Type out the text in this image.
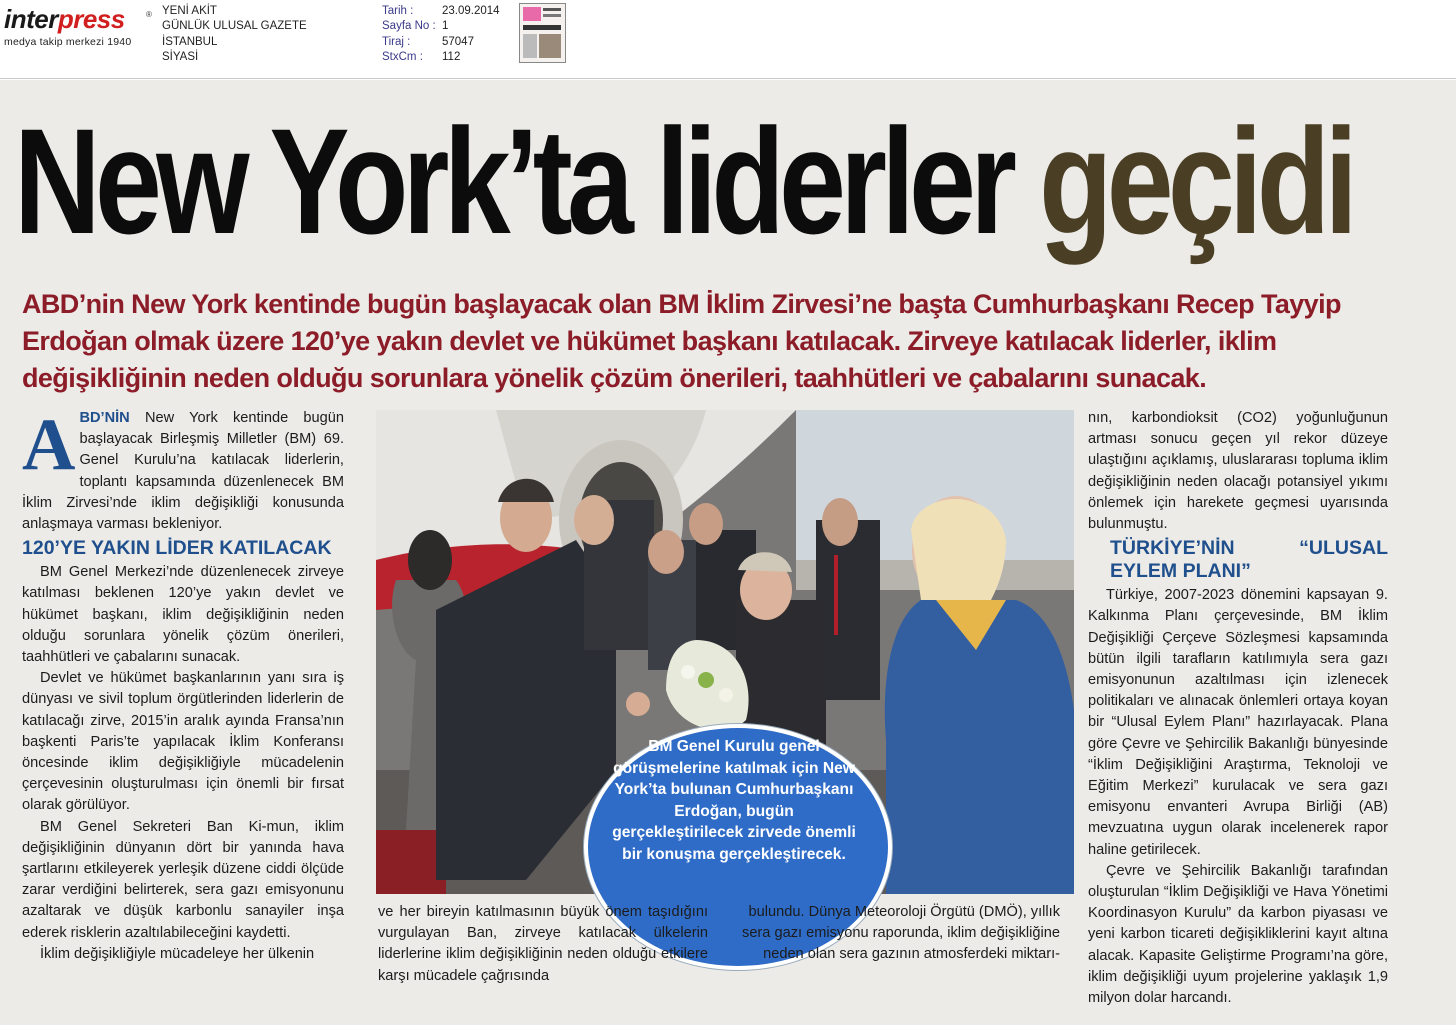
interpress	®
medya takip merkezi 1940
YENİ AKİT
GÜNLÜK ULUSAL GAZETE
İSTANBUL
SİYASİ
Tarih :
Sayfa No :
Tiraj :
StxCm :
23.09.2014
1
57047
112
New York’ta liderler geçidi

ABD’nin New York kentinde bugün başlayacak olan BM İklim Zirvesi’ne başta Cumhurbaşkanı Recep Tayyip Erdoğan olmak üzere 120’ye yakın devlet ve hükümet başkanı katılacak. Zirveye katılacak liderler, iklim değişikliğinin neden olduğu sorunlara yönelik çözüm önerileri, taahhütleri ve çabalarını sunacak.

A BD’NİN New York kentinde bugün başlayacak Birleşmiş Milletler (BM) 69. Genel Kurulu’na katılacak liderlerin, toplantı kapsamında düzenlenecek BM İklim Zirvesi’nde iklim değişikliği konusunda anlaşmaya varması bekleniyor.

120’YE YAKIN LİDER KATILACAK

BM Genel Merkezi’nde düzenlenecek zirveye katılması beklenen 120’ye yakın devlet ve hükümet başkanı, iklim değişikliğinin neden olduğu sorunlara yönelik çözüm önerileri, taahhütleri ve çabalarını sunacak.

Devlet ve hükümet başkanlarının yanı sıra iş dünyası ve sivil toplum örgütlerinden liderlerin de katılacağı zirve, 2015’in aralık ayında Fransa’nın başkenti Paris’te yapılacak İklim Konferansı öncesinde iklim değişikliğiyle mücadelenin çerçevesinin oluşturulması için önemli bir fırsat olarak görülüyor.

BM Genel Sekreteri Ban Ki-mun, iklim değişikliğinin dünyanın dört bir yanında hava şartlarını etkileyerek yerleşik düzene ciddi ölçüde zarar verdiğini belirterek, sera gazı emisyonunu azaltarak ve düşük karbonlu sanayiler inşa ederek risklerin azaltılabileceğini kaydetti.

İklim değişikliğiyle mücadeleye her ülkenin

BM Genel Kurulu genel görüşmelerine katılmak için New York’ta bulunan Cumhurbaşkanı Erdoğan, bugün gerçekleştirilecek zirvede önemli bir konuşma gerçekleştirecek.

ve her bireyin katılmasının büyük önem taşıdığını vurgulayan Ban, zirveye katılacak ülkelerin liderlerine iklim değişikliğinin neden olduğu etkilere karşı mücadele çağrısında

bulundu. Dünya Meteoroloji Örgütü (DMÖ), yıllık sera gazı emisyonu raporunda, iklim değişikliğine neden olan sera gazının atmosferdeki miktarı-

nın, karbondioksit (CO2) yoğunluğunun artması sonucu geçen yıl rekor düzeye ulaştığını açıklamış, uluslararası topluma iklim değişikliğinin neden olacağı potansiyel yıkımı önlemek için harekete geçmesi uyarısında bulunmuştu.

TÜRKİYE’NİN “ULUSAL EYLEM PLANI”

Türkiye, 2007-2023 dönemini kapsayan 9. Kalkınma Planı çerçevesinde, BM İklim Değişikliği Çerçeve Sözleşmesi kapsamında bütün ilgili tarafların katılımıyla sera gazı emisyonunun azaltılması için izlenecek politikaları ve alınacak önlemleri ortaya koyan bir “Ulusal Eylem Planı” hazırlayacak. Plana göre Çevre ve Şehircilik Bakanlığı bünyesinde “İklim Değişikliğini Araştırma, Teknoloji ve Eğitim Merkezi” kurulacak ve sera gazı emisyonu envanteri Avrupa Birliği (AB) mevzuatına uygun olarak incelenerek rapor haline getirilecek.

Çevre ve Şehircilik Bakanlığı tarafından oluşturulan “İklim Değişikliği ve Hava Yönetimi Koordinasyon Kurulu” da karbon piyasası ve yeni karbon ticareti değişikliklerini kayıt altına alacak. Kapasite Geliştirme Programı’na göre, iklim değişikliği uyum projelerine yaklaşık 1,9 milyon dolar harcandı.
